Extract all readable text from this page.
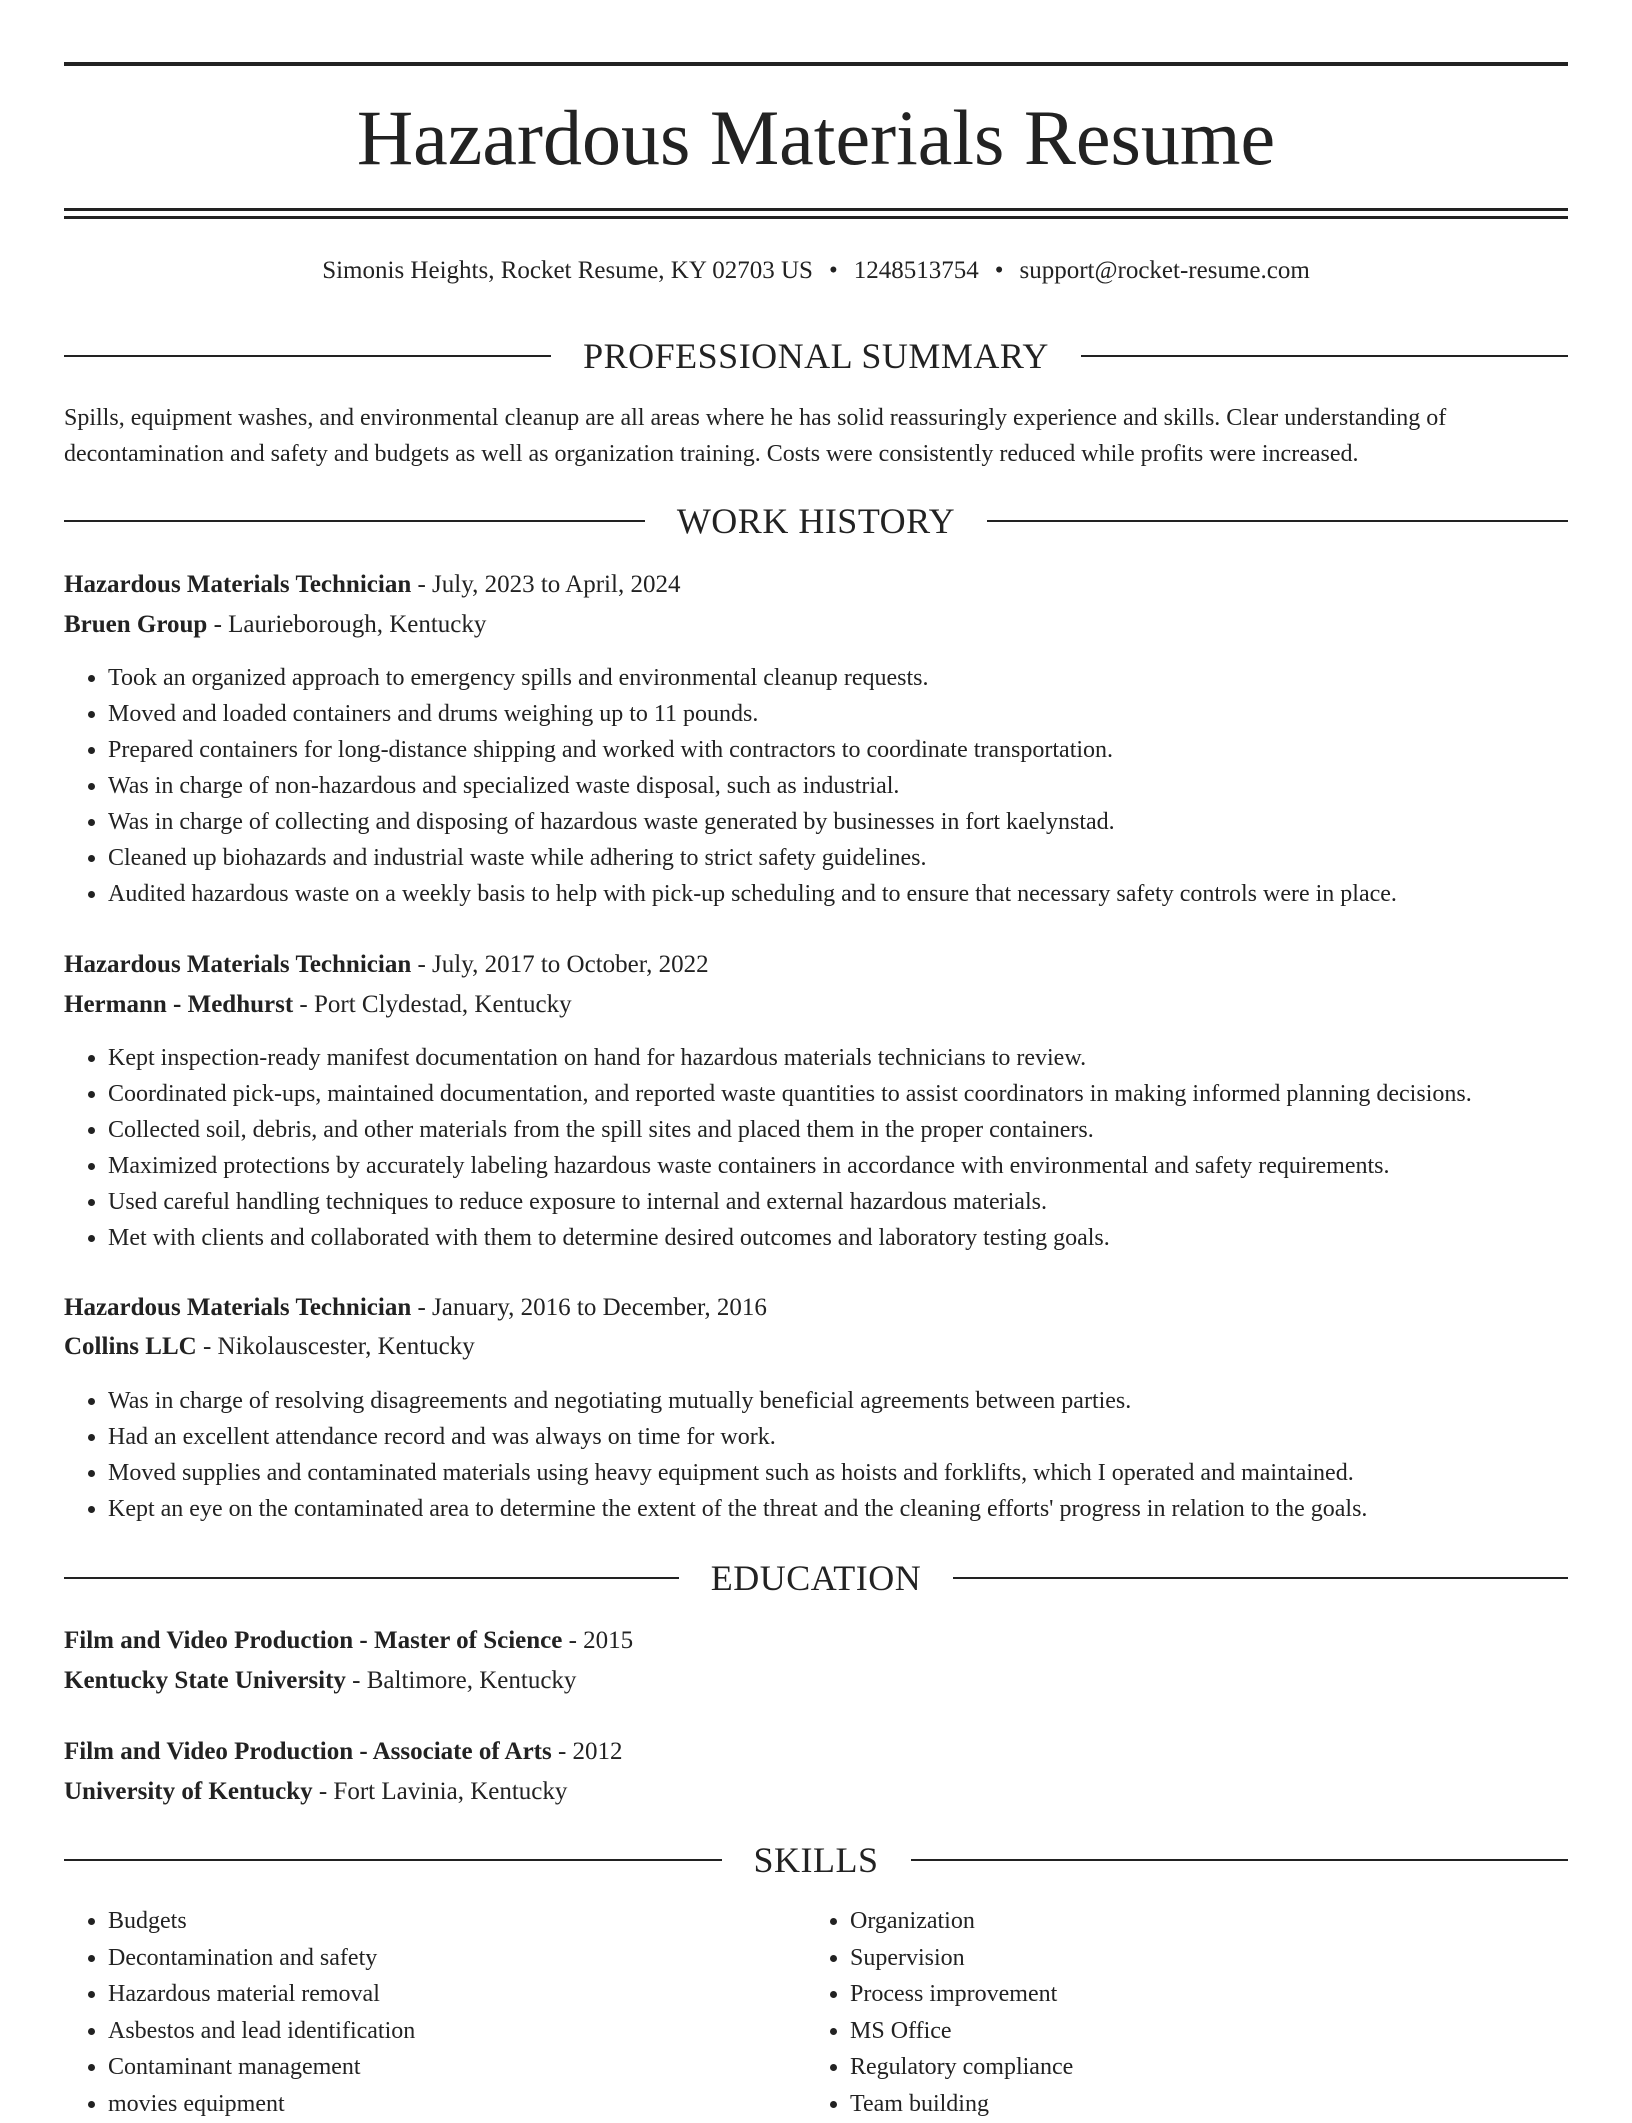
Hazardous Materials Resume
Simonis Heights, Rocket Resume, KY 02703 US • 1248513754 • support@rocket-resume.com
PROFESSIONAL SUMMARY
Spills, equipment washes, and environmental cleanup are all areas where he has solid reassuringly experience and skills. Clear understanding of decontamination and safety and budgets as well as organization training. Costs were consistently reduced while profits were increased.
WORK HISTORY
Hazardous Materials Technician - July, 2023 to April, 2024
Bruen Group - Laurieborough, Kentucky
• Took an organized approach to emergency spills and environmental cleanup requests.
• Moved and loaded containers and drums weighing up to 11 pounds.
• Prepared containers for long-distance shipping and worked with contractors to coordinate transportation.
• Was in charge of non-hazardous and specialized waste disposal, such as industrial.
• Was in charge of collecting and disposing of hazardous waste generated by businesses in fort kaelynstad.
• Cleaned up biohazards and industrial waste while adhering to strict safety guidelines.
• Audited hazardous waste on a weekly basis to help with pick-up scheduling and to ensure that necessary safety controls were in place.
Hazardous Materials Technician - July, 2017 to October, 2022
Hermann - Medhurst - Port Clydestad, Kentucky
• Kept inspection-ready manifest documentation on hand for hazardous materials technicians to review.
• Coordinated pick-ups, maintained documentation, and reported waste quantities to assist coordinators in making informed planning decisions.
• Collected soil, debris, and other materials from the spill sites and placed them in the proper containers.
• Maximized protections by accurately labeling hazardous waste containers in accordance with environmental and safety requirements.
• Used careful handling techniques to reduce exposure to internal and external hazardous materials.
• Met with clients and collaborated with them to determine desired outcomes and laboratory testing goals.
Hazardous Materials Technician - January, 2016 to December, 2016
Collins LLC - Nikolauscester, Kentucky
• Was in charge of resolving disagreements and negotiating mutually beneficial agreements between parties.
• Had an excellent attendance record and was always on time for work.
• Moved supplies and contaminated materials using heavy equipment such as hoists and forklifts, which I operated and maintained.
• Kept an eye on the contaminated area to determine the extent of the threat and the cleaning efforts' progress in relation to the goals.
EDUCATION
Film and Video Production - Master of Science - 2015
Kentucky State University - Baltimore, Kentucky
Film and Video Production - Associate of Arts - 2012
University of Kentucky - Fort Lavinia, Kentucky
SKILLS
• Budgets
• Decontamination and safety
• Hazardous material removal
• Asbestos and lead identification
• Contaminant management
• movies equipment
• Organization
• Supervision
• Process improvement
• MS Office
• Regulatory compliance
• Team building
